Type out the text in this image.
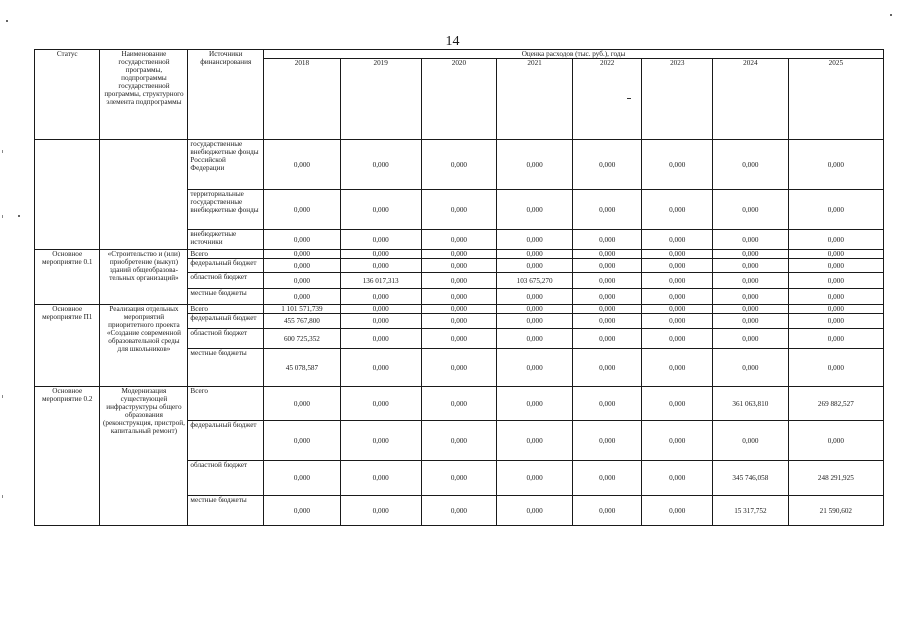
14
Статус	Наименование государственной программы, подпрограммы государственной программы, структурного элемента подпрограммы	Источники финансирования	Оценка расходов (тыс. руб.), годы							
			2018	2019	2020	2021	2022	2023	2024	2025
		государственные внебюджетные фонды Российской Федерации	0,000	0,000	0,000	0,000	0,000	0,000	0,000	0,000
		территориальные государственные внебюджетные фонды	0,000	0,000	0,000	0,000	0,000	0,000	0,000	0,000
		внебюджетные источники	0,000	0,000	0,000	0,000	0,000	0,000	0,000	0,000
Основное мероприятие 0.1	«Строительство и (или) приобретение (выкуп) зданий общеобразова-тельных организаций»	Всего	0,000	0,000	0,000	0,000	0,000	0,000	0,000	0,000
		федеральный бюджет	0,000	0,000	0,000	0,000	0,000	0,000	0,000	0,000
		областной бюджет	0,000	136 017,313	0,000	103 675,270	0,000	0,000	0,000	0,000
		местные бюджеты	0,000	0,000	0,000	0,000	0,000	0,000	0,000	0,000
Основное мероприятие П1	Реализация отдельных мероприятий приоритетного проекта «Создание современной образовательной среды для школьников»	Всего	1 101 571,739	0,000	0,000	0,000	0,000	0,000	0,000	0,000
		федеральный бюджет	455 767,800	0,000	0,000	0,000	0,000	0,000	0,000	0,000
		областной бюджет	600 725,352	0,000	0,000	0,000	0,000	0,000	0,000	0,000
		местные бюджеты	45 078,587	0,000	0,000	0,000	0,000	0,000	0,000	0,000
Основное мероприятие 0.2	Модернизация существующей инфраструктуры общего образования (реконструкция, пристрой, капитальный ремонт)	Всего	0,000	0,000	0,000	0,000	0,000	0,000	361 063,810	269 882,527
		федеральный бюджет	0,000	0,000	0,000	0,000	0,000	0,000	0,000	0,000
		областной бюджет	0,000	0,000	0,000	0,000	0,000	0,000	345 746,058	248 291,925
		местные бюджеты	0,000	0,000	0,000	0,000	0,000	0,000	15 317,752	21 590,602
